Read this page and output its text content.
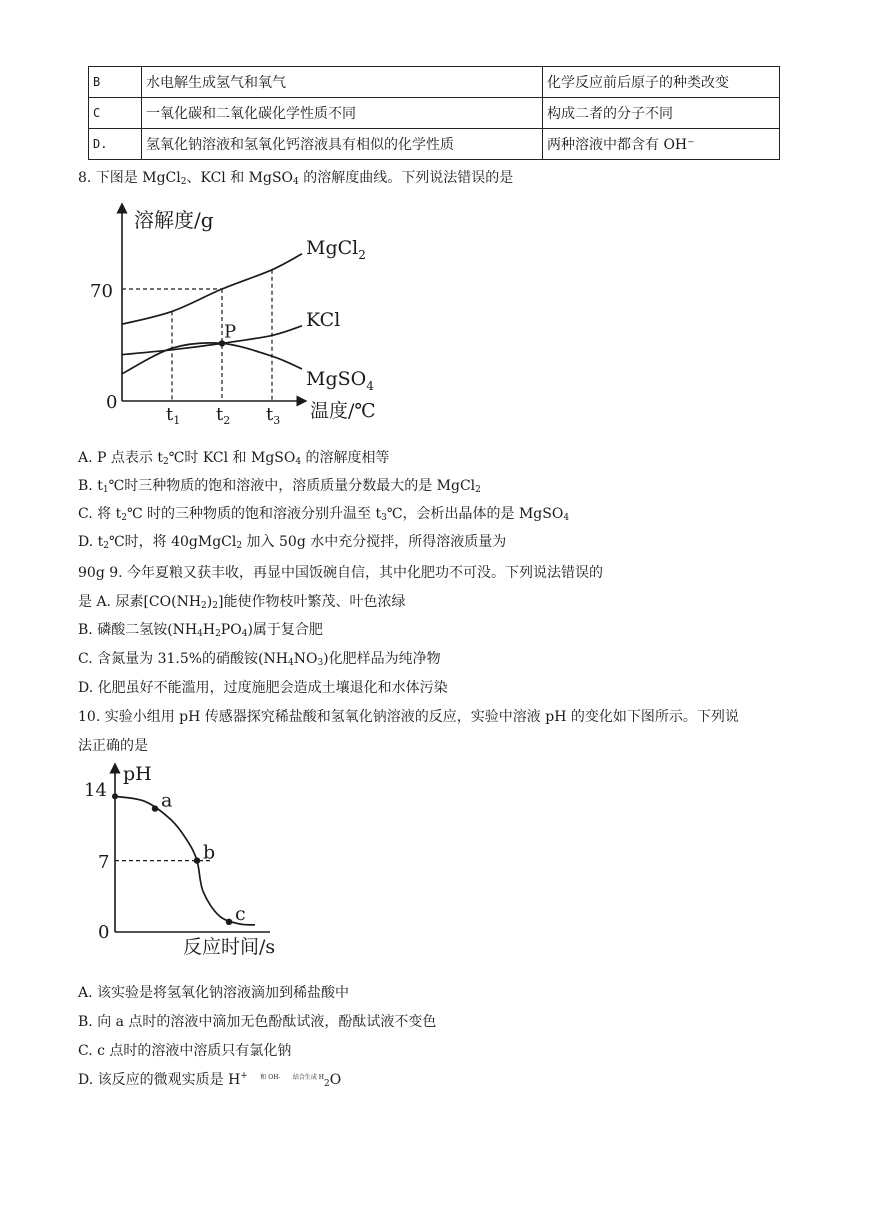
B	水电解生成氢气和氧气	化学反应前后原子的种类改变
C	一氧化碳和二氧化碳化学性质不同	构成二者的分子不同
D.	氢氧化钠溶液和氢氧化钙溶液具有相似的化学性质	两种溶液中都含有 OH⁻
8. 下图是 MgCl$_2$、KCl 和 MgSO$_4$ 的溶解度曲线。下列说法错误的是
溶解度/g
温度/℃
0
70
$t_1$ $t_2$ $t_3$
MgCl$_2$
KCl
MgSO$_4$
P
A. P 点表示 $t_2℃$时 KCl 和 MgSO$_4$ 的溶解度相等
B. $t_1℃$时三种物质的饱和溶液中，溶质质量分数最大的是 MgCl$_2$
C. 将 $t_2℃$ 时的三种物质的饱和溶液分别升温至 $t_3℃$，会析出晶体的是 MgSO$_4$
D. $t_2℃$时，将 40gMgCl$_2$ 加入 50g 水中充分搅拌，所得溶液质量为
90g 9. 今年夏粮又获丰收，再显中国饭碗自信，其中化肥功不可没。下列说法错误的
是 A. 尿素$[CO(NH_2)_2]$能使作物枝叶繁茂、叶色浓绿
B. 磷酸二氢铵$(NH_4H_2PO_4)$属于复合肥
C. 含氮量为 31.5%的硝酸铵$(NH_4NO_3)$化肥样品为纯净物
D. 化肥虽好不能滥用，过度施肥会造成土壤退化和水体污染
10. 实验小组用 pH 传感器探究稀盐酸和氢氧化钠溶液的反应，实验中溶液 pH 的变化如下图所示。下列说
法正确的是
pH
反应时间/s
0
14
7
a
b
c
A. 该实验是将氢氧化钠溶液滴加到稀盐酸中
B. 向 a 点时的溶液中滴加无色酚酞试液，酚酞试液不变色
C. c 点时的溶液中溶质只有氯化钠
D. 该反应的微观实质是 H+ $^{和 OH-}$ $^{结合生成 H}_2$O
